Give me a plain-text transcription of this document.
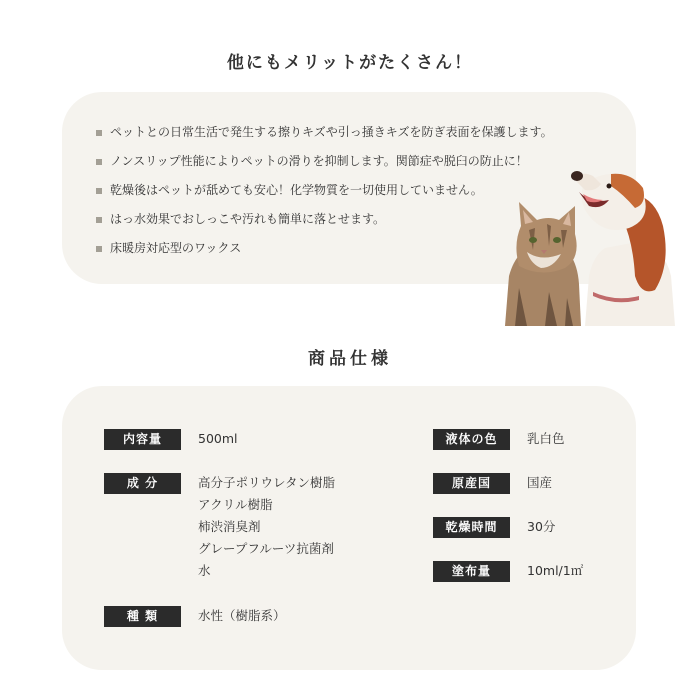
他にもメリットがたくさん！
ペットとの日常生活で発生する擦りキズや引っ掻きキズを防ぎ表面を保護します。
ノンスリップ性能によりペットの滑りを抑制します。関節症や脱臼の防止に！
乾燥後はペットが舐めても安心！化学物質を一切使用していません。
はっ水効果でおしっこや汚れも簡単に落とせます。
床暖房対応型のワックス
商品仕様
内容量	500ml
成 分	高分子ポリウレタン樹脂
アクリル樹脂
柿渋消臭剤
グレープフルーツ抗菌剤
水
種 類	水性（樹脂系）
液体の色	乳白色
原産国	国産
乾燥時間	30分
塗布量	10ml/1㎡
